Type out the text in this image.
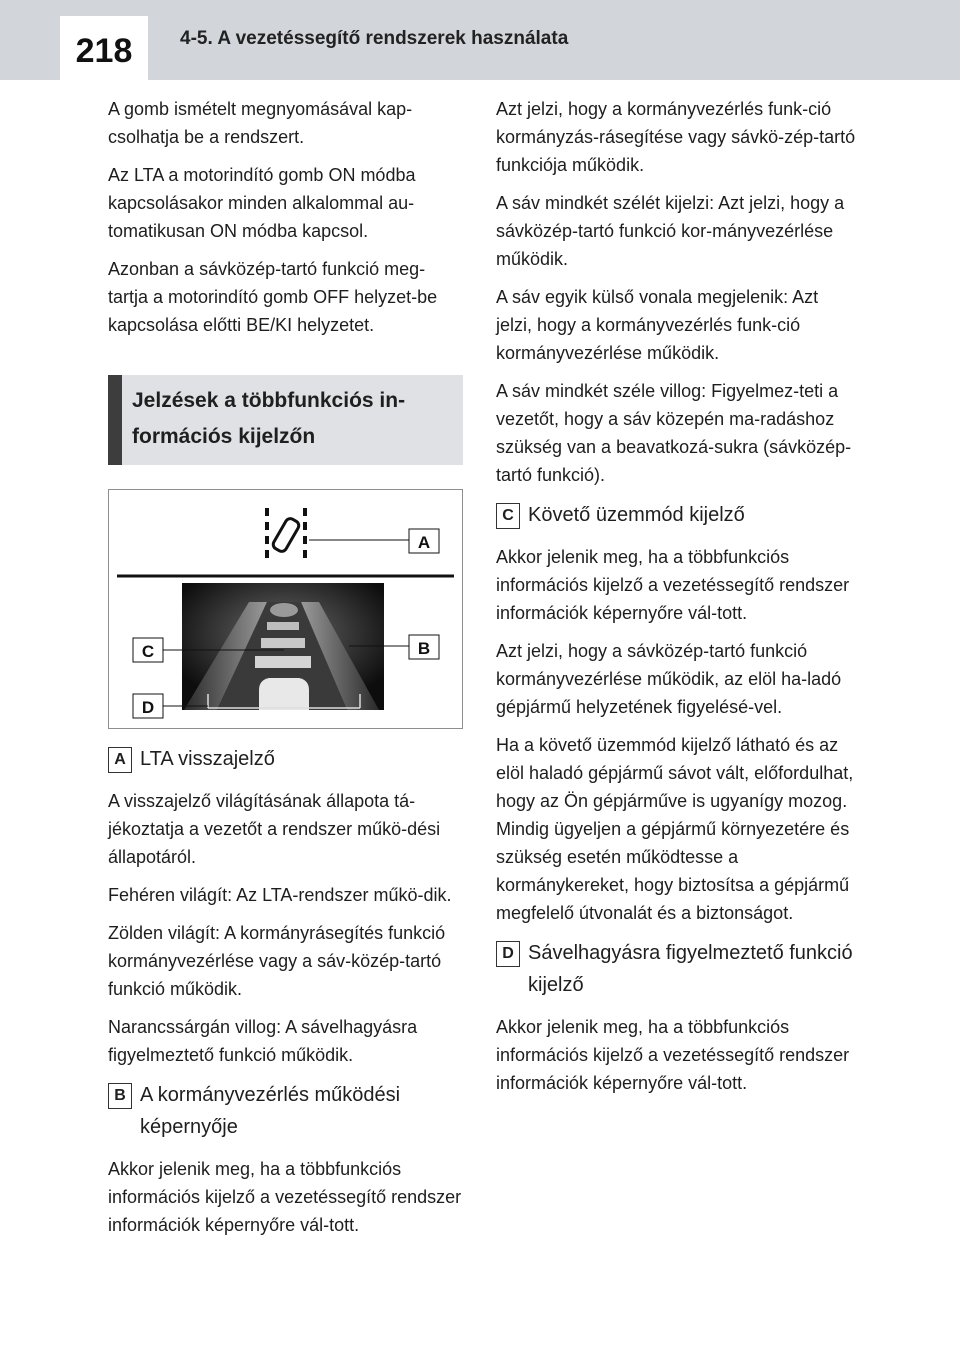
218	4-5. A vezetéssegítő rendszerek használata

A gomb ismételt megnyomásával kap-csolhatja be a rendszert.

Az LTA a motorindító gomb ON módba kapcsolásakor minden alkalommal au-tomatikusan ON módba kapcsol.

Azonban a sávközép-tartó funkció meg-tartja a motorindító gomb OFF helyzet-be kapcsolása előtti BE/KI helyzetet.

Jelzések a többfunkciós in-formációs kijelzőn
A
B
C
D
A LTA visszajelző

A visszajelző világításának állapota tá-jékoztatja a vezetőt a rendszer műkö-dési állapotáról.

Fehéren világít: Az LTA-rendszer műkö-dik.

Zölden világít: A kormányrásegítés funkció kormányvezérlése vagy a sáv-közép-tartó funkció működik.

Narancssárgán villog: A sávelhagyásra figyelmeztető funkció működik.

B A kormányvezérlés működési képernyője

Akkor jelenik meg, ha a többfunkciós információs kijelző a vezetéssegítő rendszer információk képernyőre vál-tott.

Azt jelzi, hogy a kormányvezérlés funk-ció kormányzás-rásegítése vagy sávkö-zép-tartó funkciója működik.

A sáv mindkét szélét kijelzi: Azt jelzi, hogy a sávközép-tartó funkció kor-mányvezérlése működik.

A sáv egyik külső vonala megjelenik: Azt jelzi, hogy a kormányvezérlés funk-ció kormányvezérlése működik.

A sáv mindkét széle villog: Figyelmez-teti a vezetőt, hogy a sáv közepén ma-radáshoz szükség van a beavatkozá-sukra (sávközép-tartó funkció).

C Követő üzemmód kijelző

Akkor jelenik meg, ha a többfunkciós információs kijelző a vezetéssegítő rendszer információk képernyőre vál-tott.

Azt jelzi, hogy a sávközép-tartó funkció kormányvezérlése működik, az elöl ha-ladó gépjármű helyzetének figyelésé-vel.

Ha a követő üzemmód kijelző látható és az elöl haladó gépjármű sávot vált, előfordulhat, hogy az Ön gépjárműve is ugyanígy mozog. Mindig ügyeljen a gépjármű környezetére és szükség esetén működtesse a kormánykereket, hogy biztosítsa a gépjármű megfelelő útvonalát és a biztonságot.

D Sávelhagyásra figyelmeztető funkció kijelző

Akkor jelenik meg, ha a többfunkciós információs kijelző a vezetéssegítő rendszer információk képernyőre vál-tott.
